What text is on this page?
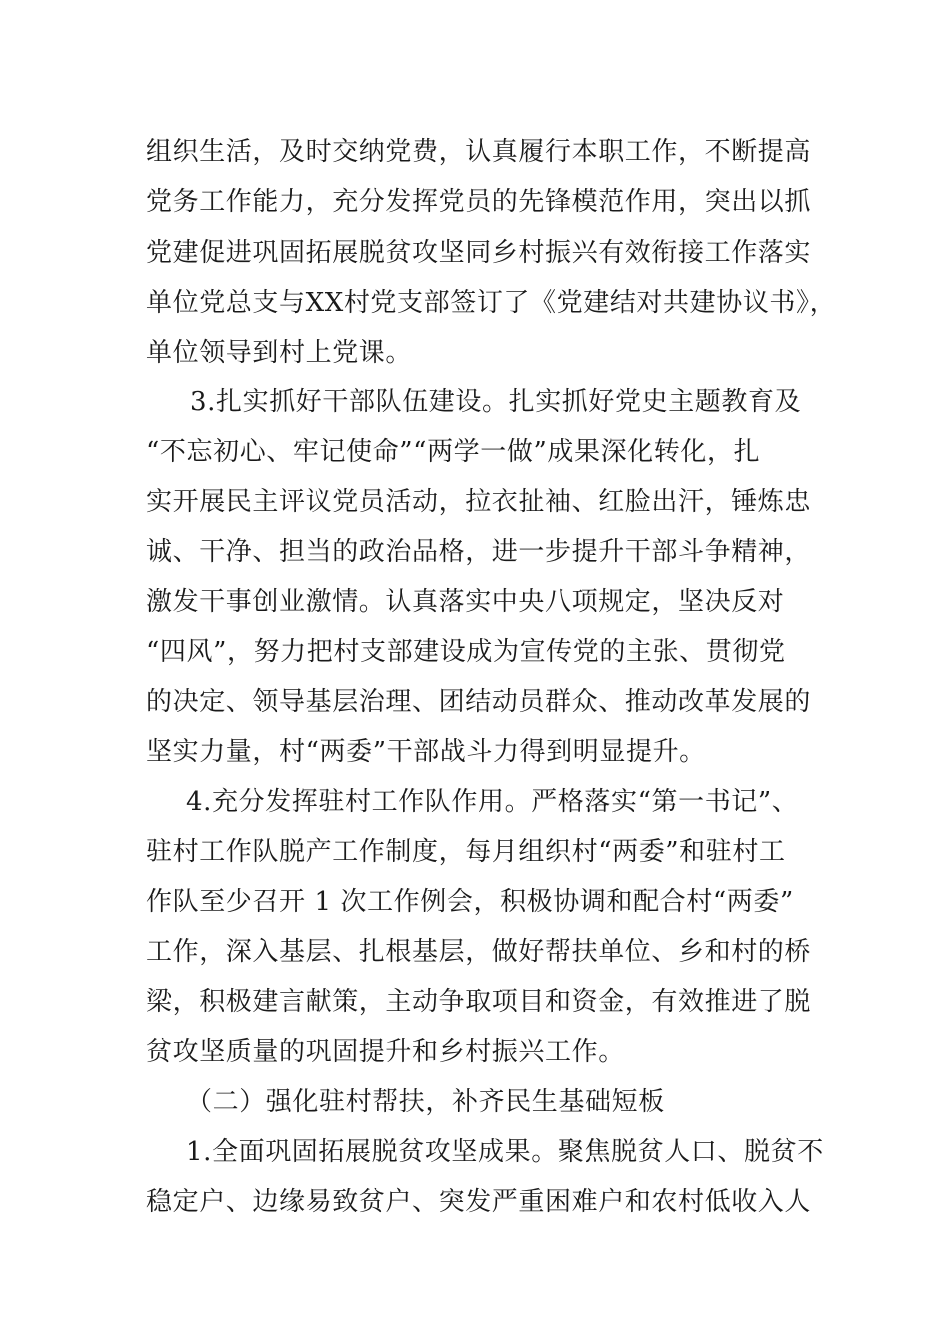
组织生活，及时交纳党费，认真履行本职工作，不断提高
党务工作能力，充分发挥党员的先锋模范作用，突出以抓
党建促进巩固拓展脱贫攻坚同乡村振兴有效衔接工作落实
单位党总支与XX村党支部签订了《党建结对共建协议书》，
单位领导到村上党课。
3.扎实抓好干部队伍建设。扎实抓好党史主题教育及
“不忘初心、牢记使命”“两学一做”成果深化转化，扎
实开展民主评议党员活动，拉衣扯袖、红脸出汗，锤炼忠
诚、干净、担当的政治品格，进一步提升干部斗争精神，
激发干事创业激情。认真落实中央八项规定，坚决反对
“四风”，努力把村支部建设成为宣传党的主张、贯彻党
的决定、领导基层治理、团结动员群众、推动改革发展的
坚实力量，村“两委”干部战斗力得到明显提升。
4.充分发挥驻村工作队作用。严格落实“第一书记”、
驻村工作队脱产工作制度，每月组织村“两委”和驻村工
作队至少召开 1 次工作例会，积极协调和配合村“两委”
工作，深入基层、扎根基层，做好帮扶单位、乡和村的桥
梁，积极建言献策，主动争取项目和资金，有效推进了脱
贫攻坚质量的巩固提升和乡村振兴工作。
（二）强化驻村帮扶，补齐民生基础短板
1.全面巩固拓展脱贫攻坚成果。聚焦脱贫人口、脱贫不
稳定户、边缘易致贫户、突发严重困难户和农村低收入人
